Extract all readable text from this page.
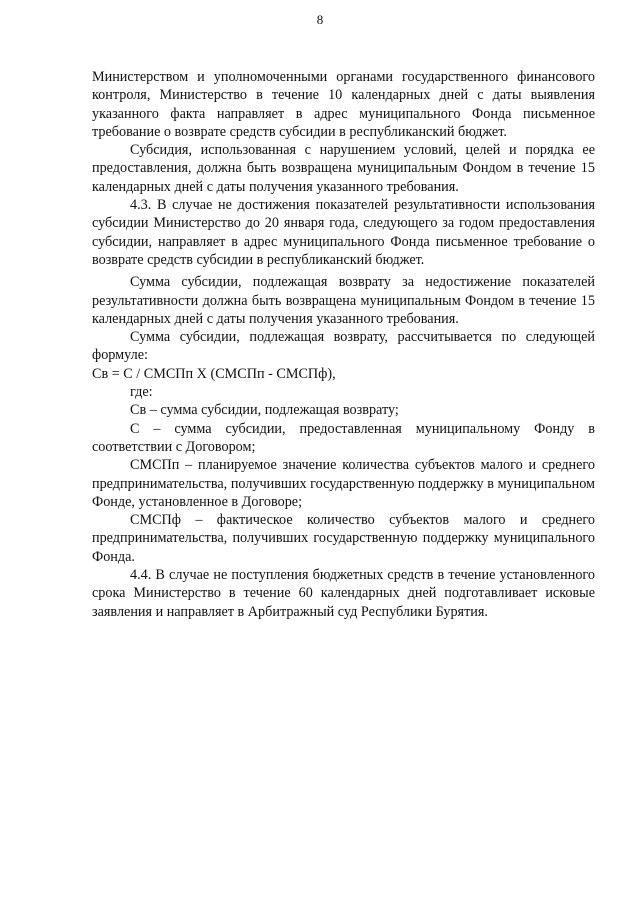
8

Министерством и уполномоченными органами государственного финансового контроля, Министерство в течение 10 календарных дней с даты выявления указанного факта направляет в адрес муниципального Фонда письменное требование о возврате средств субсидии в республиканский бюджет.

Субсидия, использованная с нарушением условий, целей и порядка ее предоставления, должна быть возвращена муниципальным Фондом в течение 15 календарных дней с даты получения указанного требования.

4.3. В случае не достижения показателей результативности использования субсидии Министерство до 20 января года, следующего за годом предоставления субсидии, направляет в адрес муниципального Фонда письменное требование о возврате средств субсидии в республиканский бюджет.

Сумма субсидии, подлежащая возврату за недостижение показателей результативности должна быть возвращена муниципальным Фондом в течение 15 календарных дней с даты получения указанного требования.

Сумма субсидии, подлежащая возврату, рассчитывается по следующей формуле:

Св = С / СМСПп Х (СМСПп - СМСПф),

где:

Св – сумма субсидии, подлежащая возврату;

С – сумма субсидии, предоставленная муниципальному Фонду в соответствии с Договором;

СМСПп – планируемое значение количества субъектов малого и среднего предпринимательства, получивших государственную поддержку в муниципальном Фонде, установленное в Договоре;

СМСПф – фактическое количество субъектов малого и среднего предпринимательства, получивших государственную поддержку муниципального Фонда.

4.4. В случае не поступления бюджетных средств в течение установленного срока Министерство в течение 60 календарных дней подготавливает исковые заявления и направляет в Арбитражный суд Республики Бурятия.
